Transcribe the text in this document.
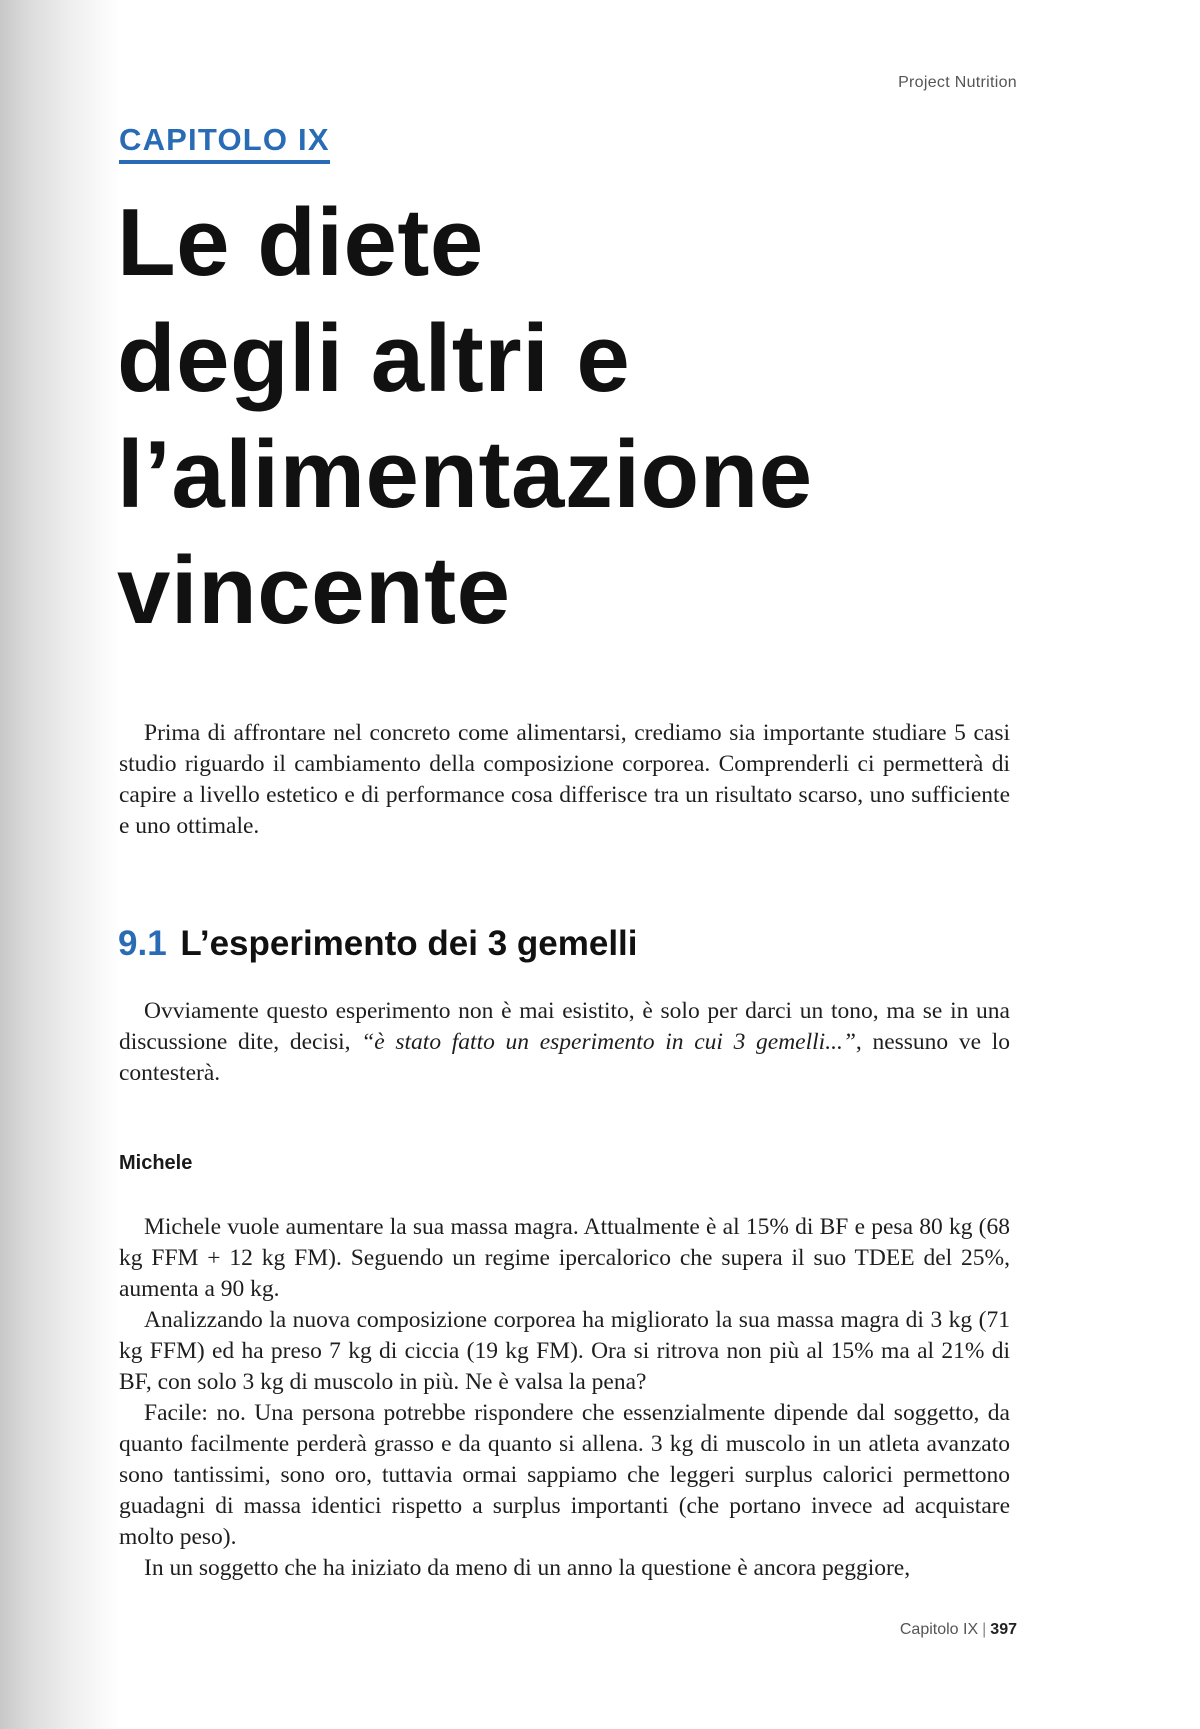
Project Nutrition
CAPITOLO IX
Le diete
degli altri e
l’alimentazione
vincente

Prima di affrontare nel concreto come alimentarsi, crediamo sia importante studiare 5 casi studio riguardo il cambiamento della composizione corporea. Comprenderli ci permetterà di capire a livello estetico e di performance cosa differisce tra un risultato scarso, uno sufficiente e uno ottimale.

9.1 L’esperimento dei 3 gemelli

Ovviamente questo esperimento non è mai esistito, è solo per darci un tono, ma se in una discussione dite, decisi, “è stato fatto un esperimento in cui 3 gemelli...”, nessuno ve lo contesterà.

Michele

Michele vuole aumentare la sua massa magra. Attualmente è al 15% di BF e pesa 80 kg (68 kg FFM + 12 kg FM). Seguendo un regime ipercalorico che supera il suo TDEE del 25%, aumenta a 90 kg.

Analizzando la nuova composizione corporea ha migliorato la sua massa magra di 3 kg (71 kg FFM) ed ha preso 7 kg di ciccia (19 kg FM). Ora si ritrova non più al 15% ma al 21% di BF, con solo 3 kg di muscolo in più. Ne è valsa la pena?

Facile: no. Una persona potrebbe rispondere che essenzialmente dipende dal soggetto, da quanto facilmente perderà grasso e da quanto si allena. 3 kg di muscolo in un atleta avanzato sono tantissimi, sono oro, tuttavia ormai sappiamo che leggeri surplus calorici permettono guadagni di massa identici rispetto a surplus importanti (che portano invece ad acquistare molto peso).

In un soggetto che ha iniziato da meno di un anno la questione è ancora peggiore,

Capitolo IX | 397
